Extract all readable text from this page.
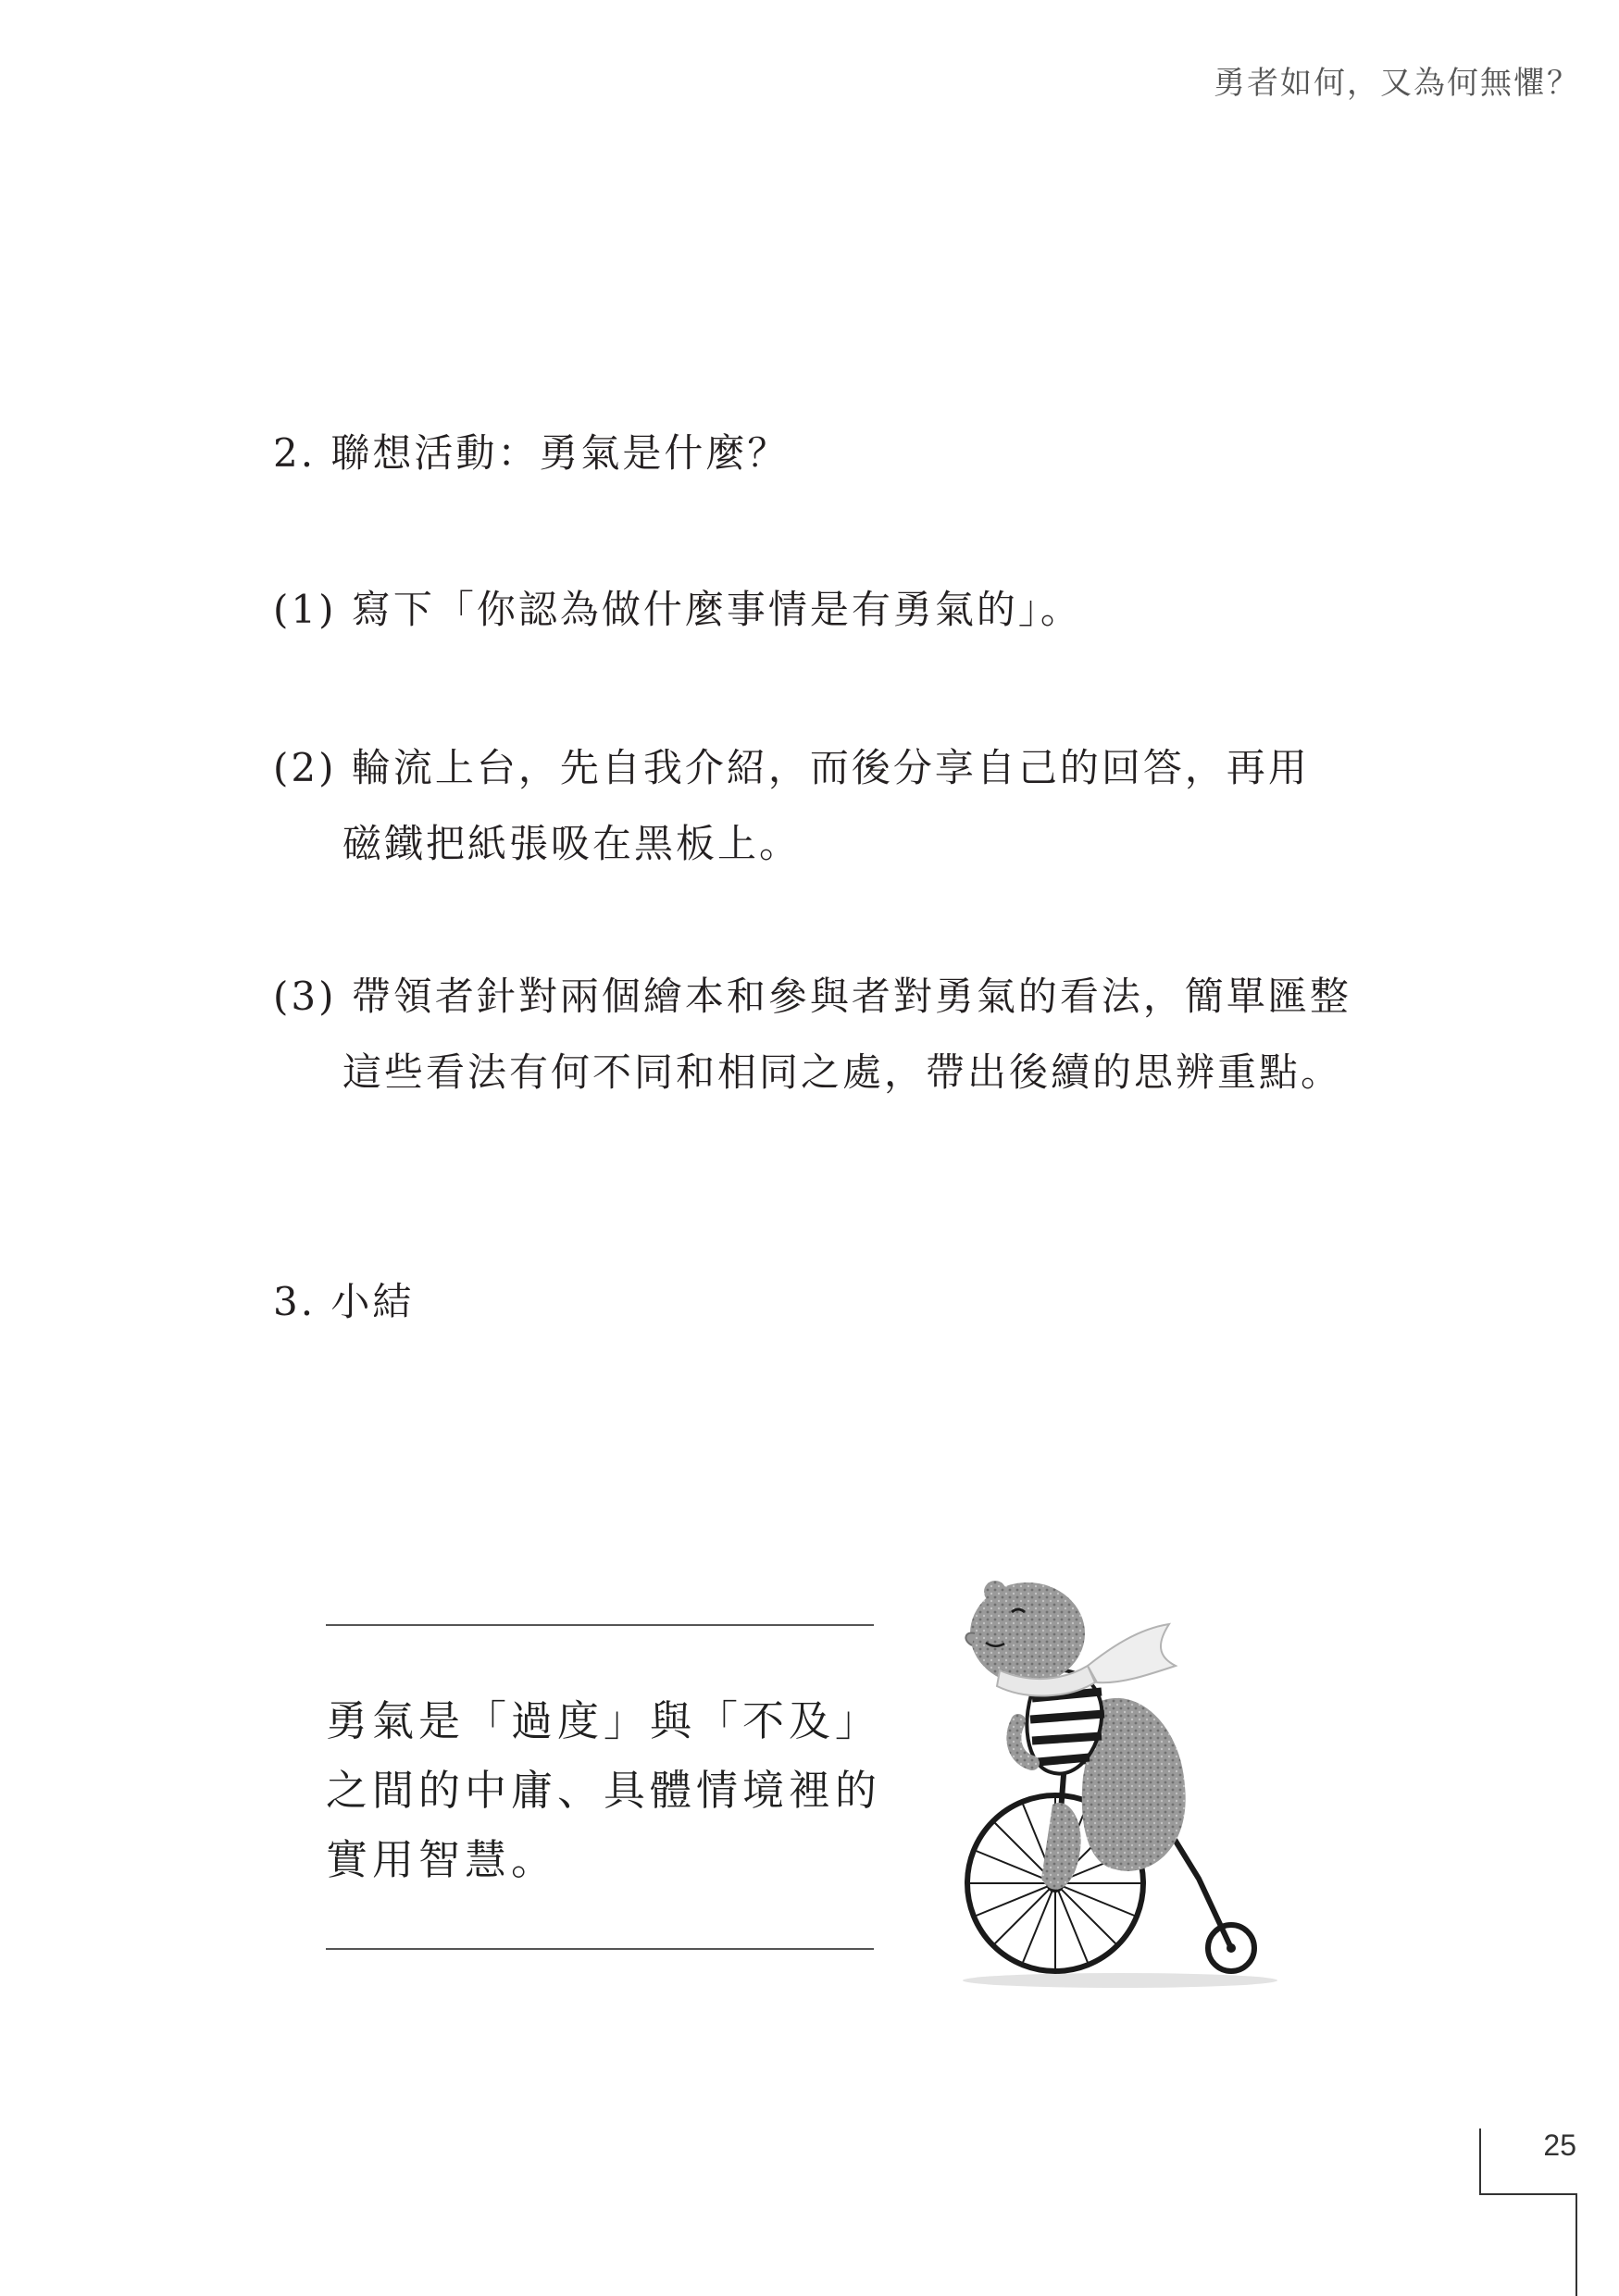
勇者如何，又為何無懼？
2. 聯想活動：勇氣是什麼？
(1) 寫下「你認為做什麼事情是有勇氣的」。
(2) 輪流上台，先自我介紹，而後分享自己的回答，再用
磁鐵把紙張吸在黑板上。
(3) 帶領者針對兩個繪本和參與者對勇氣的看法，簡單匯整
這些看法有何不同和相同之處，帶出後續的思辨重點。
3. 小結
勇氣是「過度」與「不及」
之間的中庸、具體情境裡的
實用智慧。
25
